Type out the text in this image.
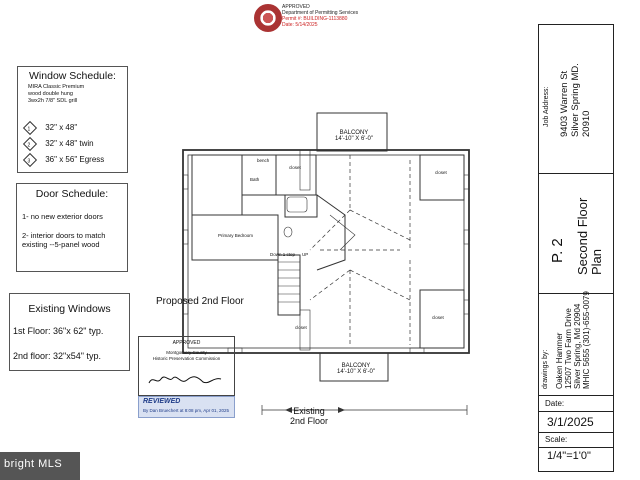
APPROVED
Department of Permitting Services
Permit #: BUILDING-1113880
Date: 5/14/2025
Window Schedule:
MIRA Classic Premium
wood double hung
3wx2h 7/8" SDL grill
1 32" x 48"
2 32" x 48" twin
3 36" x 56" Egress
Door Schedule:
1- no new exterior doors
2- interior doors to match existing --5-panel wood
Existing Windows
1st Floor: 36"x 62" typ.
2nd floor: 32"x54" typ.
Proposed 2nd Floor
Existing
2nd Floor
BALCONY
14'-10" X 6'-0"
BALCONY
14'-10" X 6'-0"
bench
closet
closet
closet
closet
Bath
Primary Bedroom
Down 1 step UP
APPROVED
Montgomery County
Historic Preservation Commission
REVIEWED
By Dan Bruechert at 8:08 pm, Apr 01, 2025
Job Address: 9403 Warren St Silver Spring MD. 20910
P. 2 Second Floor Plan
drawings by: Oaken Hammer 12507 Two Farm Drive Silver Spring, Md 20904 MHIC 5655 (301)-655-0079
Date:
3/1/2025
Scale:
1/4"=1'0"
bright MLS
